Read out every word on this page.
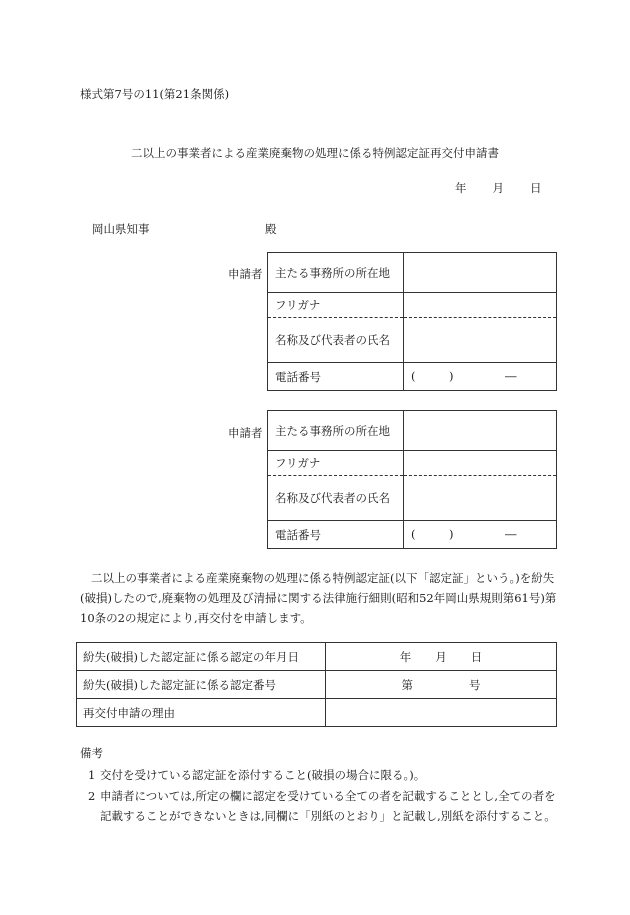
様式第7号の11(第21条関係)
二以上の事業者による産業廃棄物の処理に係る特例認定証再交付申請書
年 月 日
岡山県知事	殿
申請者 主たる事務所の所在地	
フリガナ	
名称及び代表者の氏名	
電話番号	( ) ―
申請者 主たる事務所の所在地	
フリガナ	
名称及び代表者の氏名	
電話番号	( ) ―
二以上の事業者による産業廃棄物の処理に係る特例認定証(以下「認定証」という。)を紛失(破損)したので,廃棄物の処理及び清掃に関する法律施行細則(昭和52年岡山県規則第61号)第10条の2の規定により,再交付を申請します。
紛失(破損)した認定証に係る認定の年月日	年 月 日
紛失(破損)した認定証に係る認定番号	第 号
再交付申請の理由	
備考
1 交付を受けている認定証を添付すること(破損の場合に限る。)。
2 申請者については,所定の欄に認定を受けている全ての者を記載することとし,全ての者を記載することができないときは,同欄に「別紙のとおり」と記載し,別紙を添付すること。
